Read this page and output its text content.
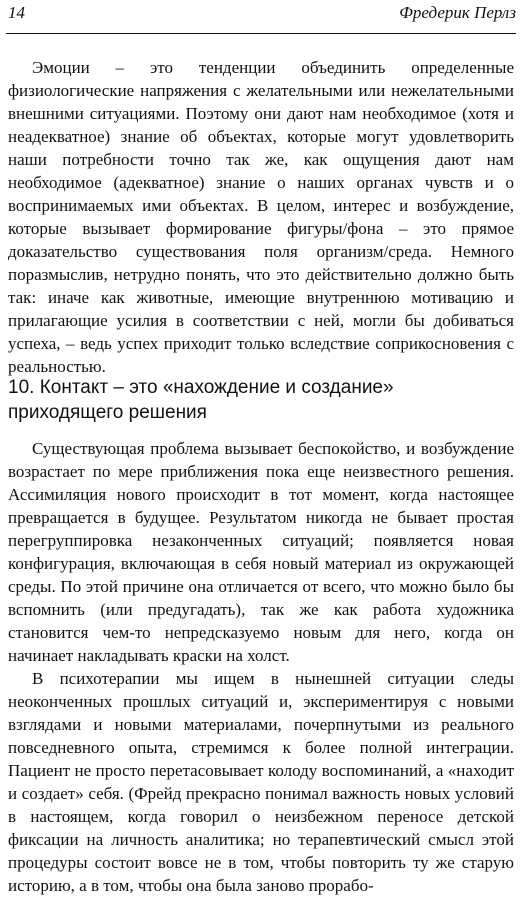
14	Фредерик Перлз

Эмоции – это тенденции объединить определенные физиологические напряжения с желательными или нежелательными внешними ситуациями. Поэтому они дают нам необходимое (хотя и неадекватное) знание об объектах, которые могут удовлетворить наши потребности точно так же, как ощущения дают нам необходимое (адекватное) знание о наших органах чувств и о воспринимаемых ими объектах. В целом, интерес и возбуждение, которые вызывает формирование фигуры/фона – это прямое доказательство существования поля организм/среда. Немного поразмыслив, нетрудно понять, что это действительно должно быть так: иначе как животные, имеющие внутреннюю мотивацию и прилагающие усилия в соответствии с ней, могли бы добиваться успеха, – ведь успех приходит только вследствие соприкосновения с реальностью.

10. Контакт – это «нахождение и создание» приходящего решения

Существующая проблема вызывает беспокойство, и возбуждение возрастает по мере приближения пока еще неизвестного решения. Ассимиляция нового происходит в тот момент, когда настоящее превращается в будущее. Результатом никогда не бывает простая перегруппировка незаконченных ситуаций; появляется новая конфигурация, включающая в себя новый материал из окружающей среды. По этой причине она отличается от всего, что можно было бы вспомнить (или предугадать), так же как работа художника становится чем-то непредсказуемо новым для него, когда он начинает накладывать краски на холст.

В психотерапии мы ищем в нынешней ситуации следы неоконченных прошлых ситуаций и, экспериментируя с новыми взглядами и новыми материалами, почерпнутыми из реального повседневного опыта, стремимся к более полной интеграции. Пациент не просто перетасовывает колоду воспоминаний, а «находит и создает» себя. (Фрейд прекрасно понимал важность новых условий в настоящем, когда говорил о неизбежном переносе детской фиксации на личность аналитика; но терапевтический смысл этой процедуры состоит вовсе не в том, чтобы повторить ту же старую историю, а в том, чтобы она была заново прорабо-
